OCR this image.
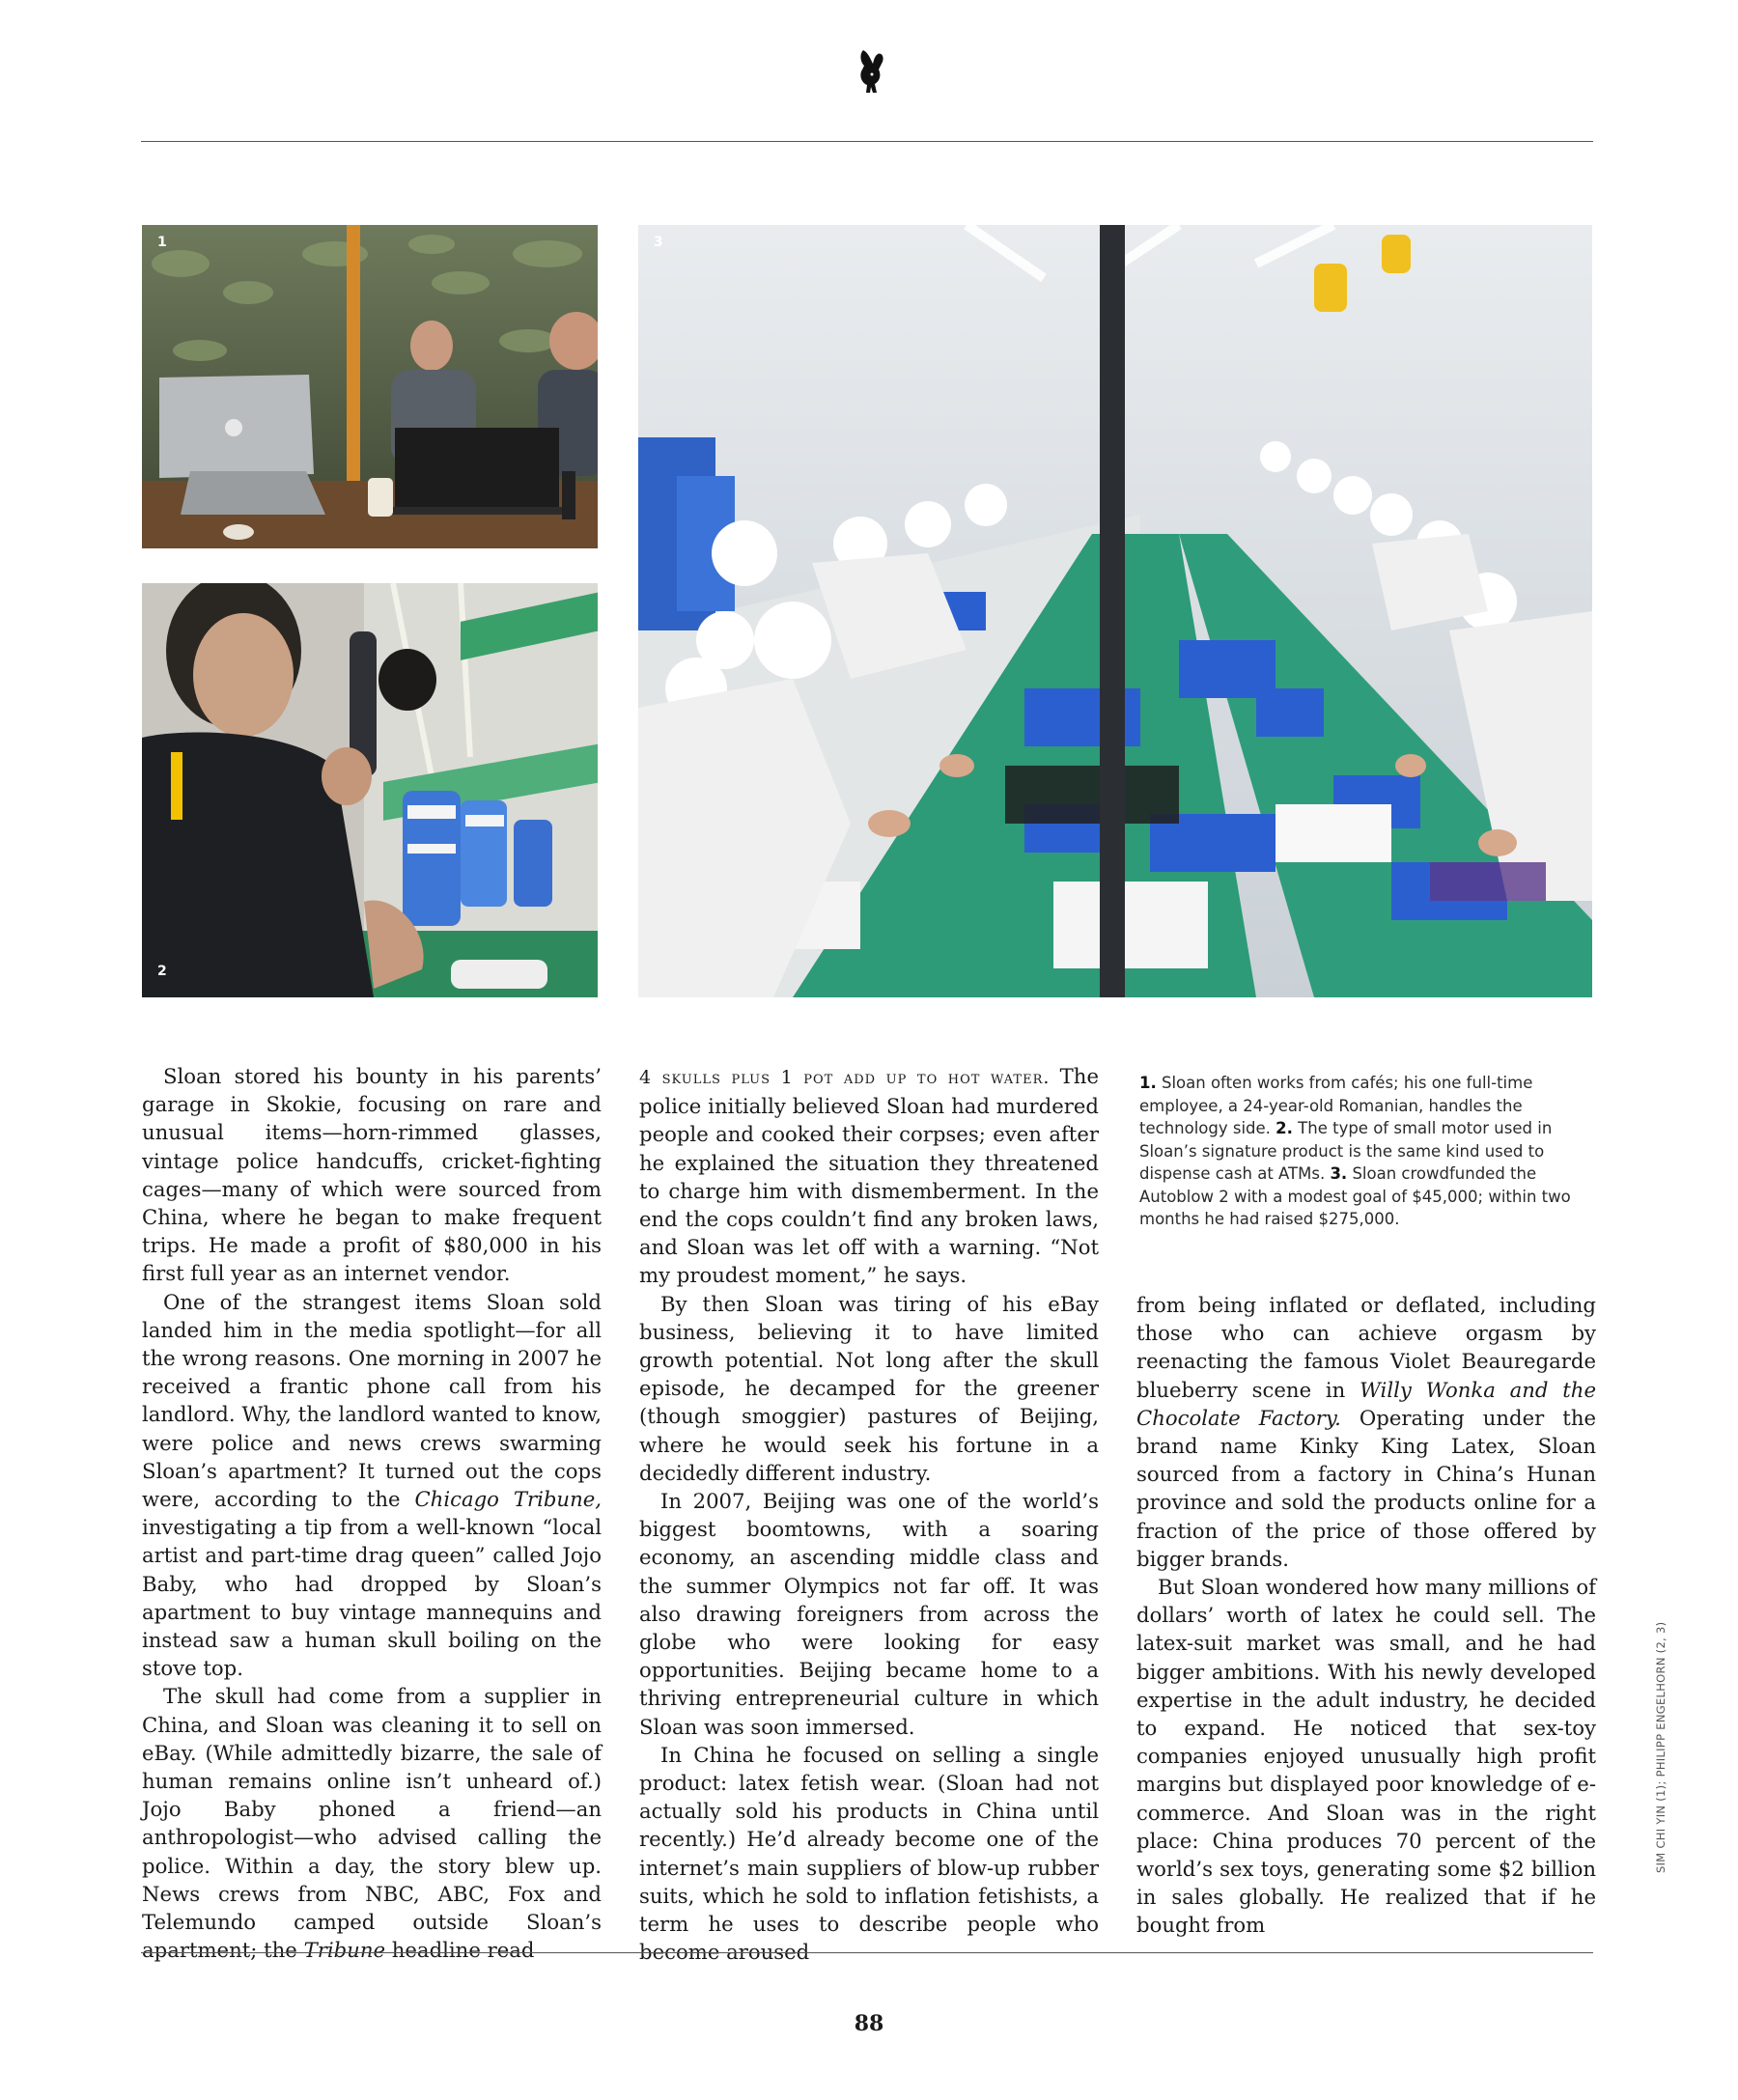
1
2
3

Sloan stored his bounty in his parents’ garage in Skokie, focusing on rare and unusual items—horn-rimmed glasses, vintage police handcuffs, cricket-fighting cages—many of which were sourced from China, where he began to make frequent trips. He made a profit of $80,000 in his first full year as an internet vendor.

One of the strangest items Sloan sold landed him in the media spotlight—for all the wrong reasons. One morning in 2007 he received a frantic phone call from his landlord. Why, the landlord wanted to know, were police and news crews swarming Sloan’s apartment? It turned out the cops were, according to the Chicago Tribune, investigating a tip from a well-known “local artist and part-time drag queen” called Jojo Baby, who had dropped by Sloan’s apartment to buy vintage mannequins and instead saw a human skull boiling on the stove top.

The skull had come from a supplier in China, and Sloan was cleaning it to sell on eBay. (While admittedly bizarre, the sale of human remains online isn’t unheard of.) Jojo Baby phoned a friend—an anthropologist—who advised calling the police. Within a day, the story blew up. News crews from NBC, ABC, Fox and Telemundo camped outside Sloan’s apartment; the Tribune headline read

4 skulls plus 1 pot add up to hot water. The police initially believed Sloan had murdered people and cooked their corpses; even after he explained the situation they threatened to charge him with dismemberment. In the end the cops couldn’t find any broken laws, and Sloan was let off with a warning. “Not my proudest moment,” he says.

By then Sloan was tiring of his eBay business, believing it to have limited growth potential. Not long after the skull episode, he decamped for the greener (though smoggier) pastures of Beijing, where he would seek his fortune in a decidedly different industry.

In 2007, Beijing was one of the world’s biggest boomtowns, with a soaring economy, an ascending middle class and the summer Olympics not far off. It was also drawing foreigners from across the globe who were looking for easy opportunities. Beijing became home to a thriving entrepreneurial culture in which Sloan was soon immersed.

In China he focused on selling a single product: latex fetish wear. (Sloan had not actually sold his products in China until recently.) He’d already become one of the internet’s main suppliers of blow-up rubber suits, which he sold to inflation fetishists, a term he uses to describe people who become aroused

1. Sloan often works from cafés; his one full-time employee, a 24-year-old Romanian, handles the technology side. 2. The type of small motor used in Sloan’s signature product is the same kind used to dispense cash at ATMs. 3. Sloan crowdfunded the Autoblow 2 with a modest goal of $45,000; within two months he had raised $275,000.

from being inflated or deflated, including those who can achieve orgasm by reenacting the famous Violet Beauregarde blueberry scene in Willy Wonka and the Chocolate Factory. Operating under the brand name Kinky King Latex, Sloan sourced from a factory in China’s Hunan province and sold the products online for a fraction of the price of those offered by bigger brands.

But Sloan wondered how many millions of dollars’ worth of latex he could sell. The latex-suit market was small, and he had bigger ambitions. With his newly developed expertise in the adult industry, he decided to expand. He noticed that sex-toy companies enjoyed unusually high profit margins but displayed poor knowledge of e-commerce. And Sloan was in the right place: China produces 70 percent of the world’s sex toys, generating some $2 billion in sales globally. He realized that if he bought from

SIM CHI YIN (1); PHILIPP ENGELHORN (2, 3)
88
